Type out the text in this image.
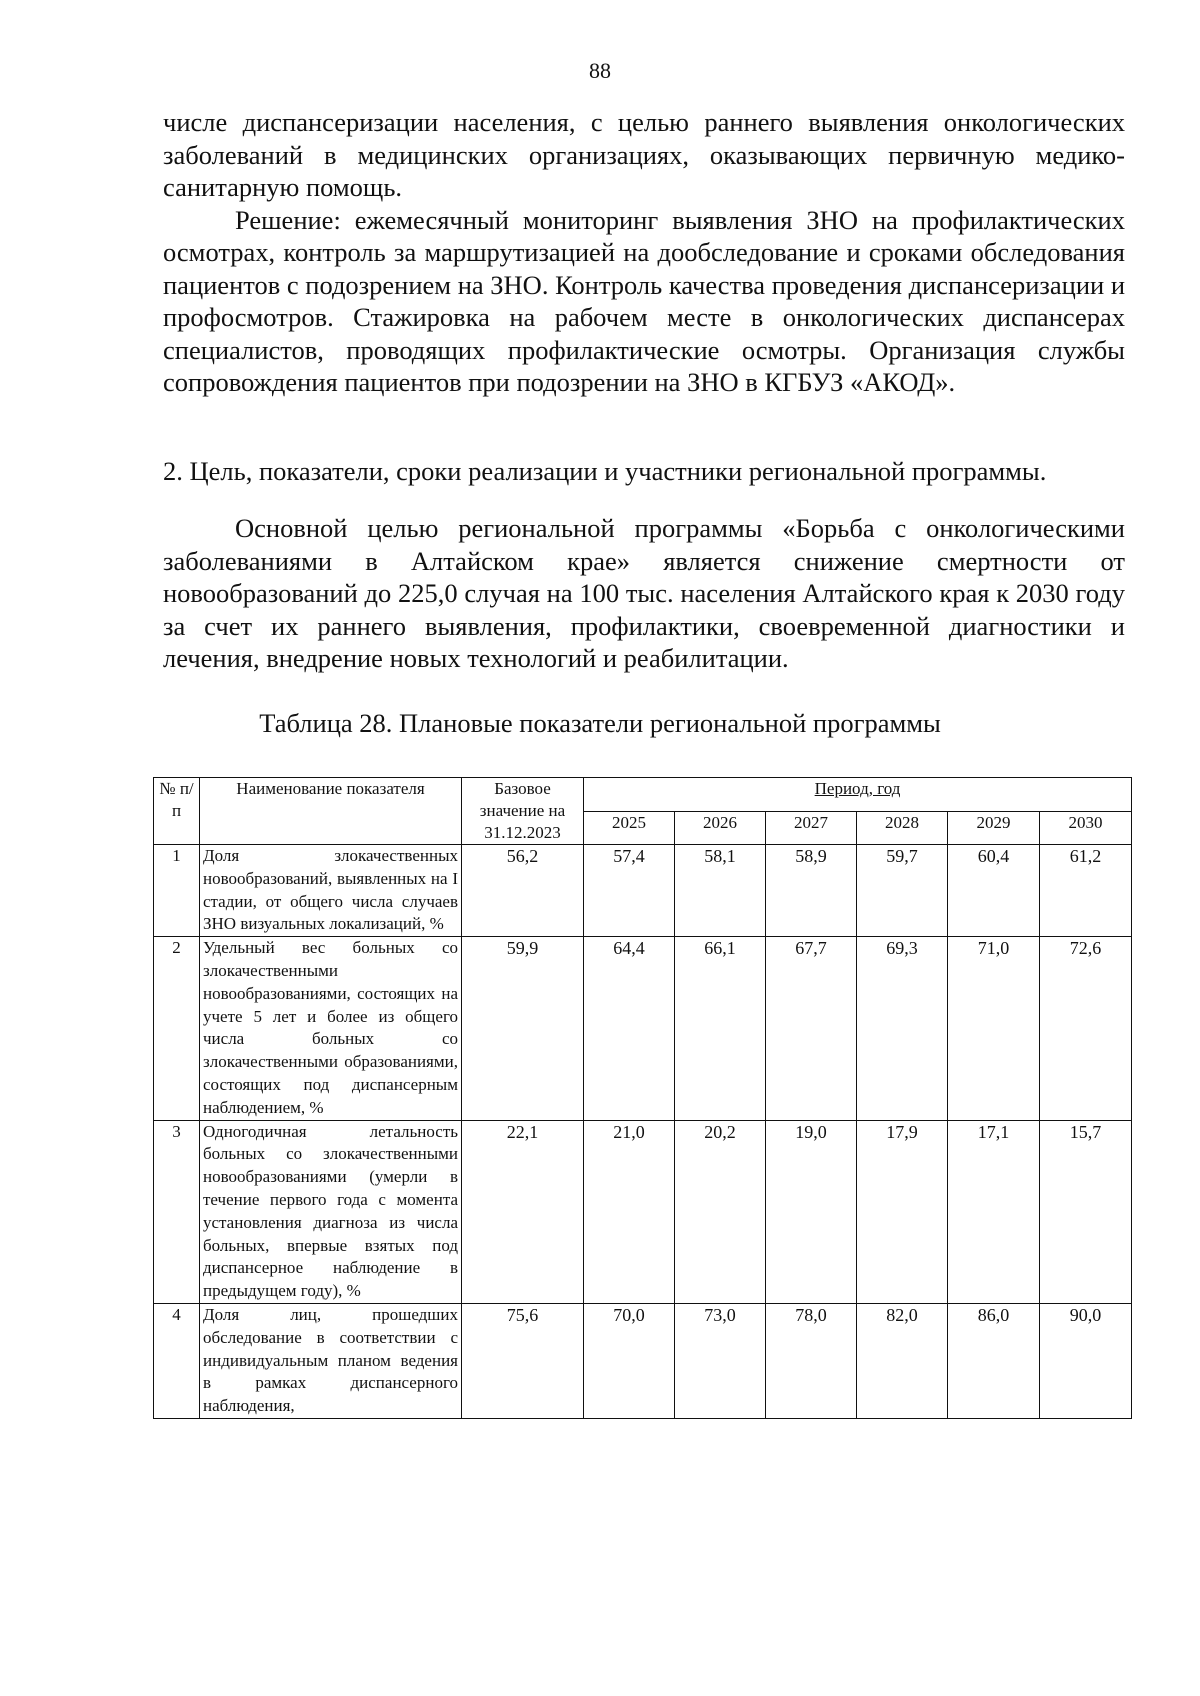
88

числе диспансеризации населения, с целью раннего выявления онкологических заболеваний в медицинских организациях, оказывающих первичную медико-санитарную помощь.

Решение: ежемесячный мониторинг выявления ЗНО на профилактических осмотрах, контроль за маршрутизацией на дообследование и сроками обследования пациентов с подозрением на ЗНО. Контроль качества проведения диспансеризации и профосмотров. Стажировка на рабочем месте в онкологических диспансерах специалистов, проводящих профилактические осмотры. Организация службы сопровождения пациентов при подозрении на ЗНО в КГБУЗ «АКОД».

2. Цель, показатели, сроки реализации и участники региональной программы.

Основной целью региональной программы «Борьба с онкологическими заболеваниями в Алтайском крае» является снижение смертности от новообразований до 225,0 случая на 100 тыс. населения Алтайского края к 2030 году за счет их раннего выявления, профилактики, своевременной диагностики и лечения, внедрение новых технологий и реабилитации.

Таблица 28. Плановые показатели региональной программы
№ п/п	Наименование показателя	Базовое значение на 31.12.2023	Период, год					
			2025	2026	2027	2028	2029	2030
1	Доля злокачественных новообразований, выявленных на I стадии, от общего числа случаев ЗНО визуальных локализаций, %	56,2	57,4	58,1	58,9	59,7	60,4	61,2
2	Удельный вес больных со злокачественными новообразованиями, состоящих на учете 5 лет и более из общего числа больных со злокачественными образованиями, состоящих под диспансерным наблюдением, %	59,9	64,4	66,1	67,7	69,3	71,0	72,6
3	Одногодичная летальность больных со злокачественными новообразованиями (умерли в течение первого года с момента установления диагноза из числа больных, впервые взятых под диспансерное наблюдение в предыдущем году), %	22,1	21,0	20,2	19,0	17,9	17,1	15,7
4	Доля лиц, прошедших обследование в соответствии с индивидуальным планом ведения в рамках диспансерного наблюдения,	75,6	70,0	73,0	78,0	82,0	86,0	90,0
